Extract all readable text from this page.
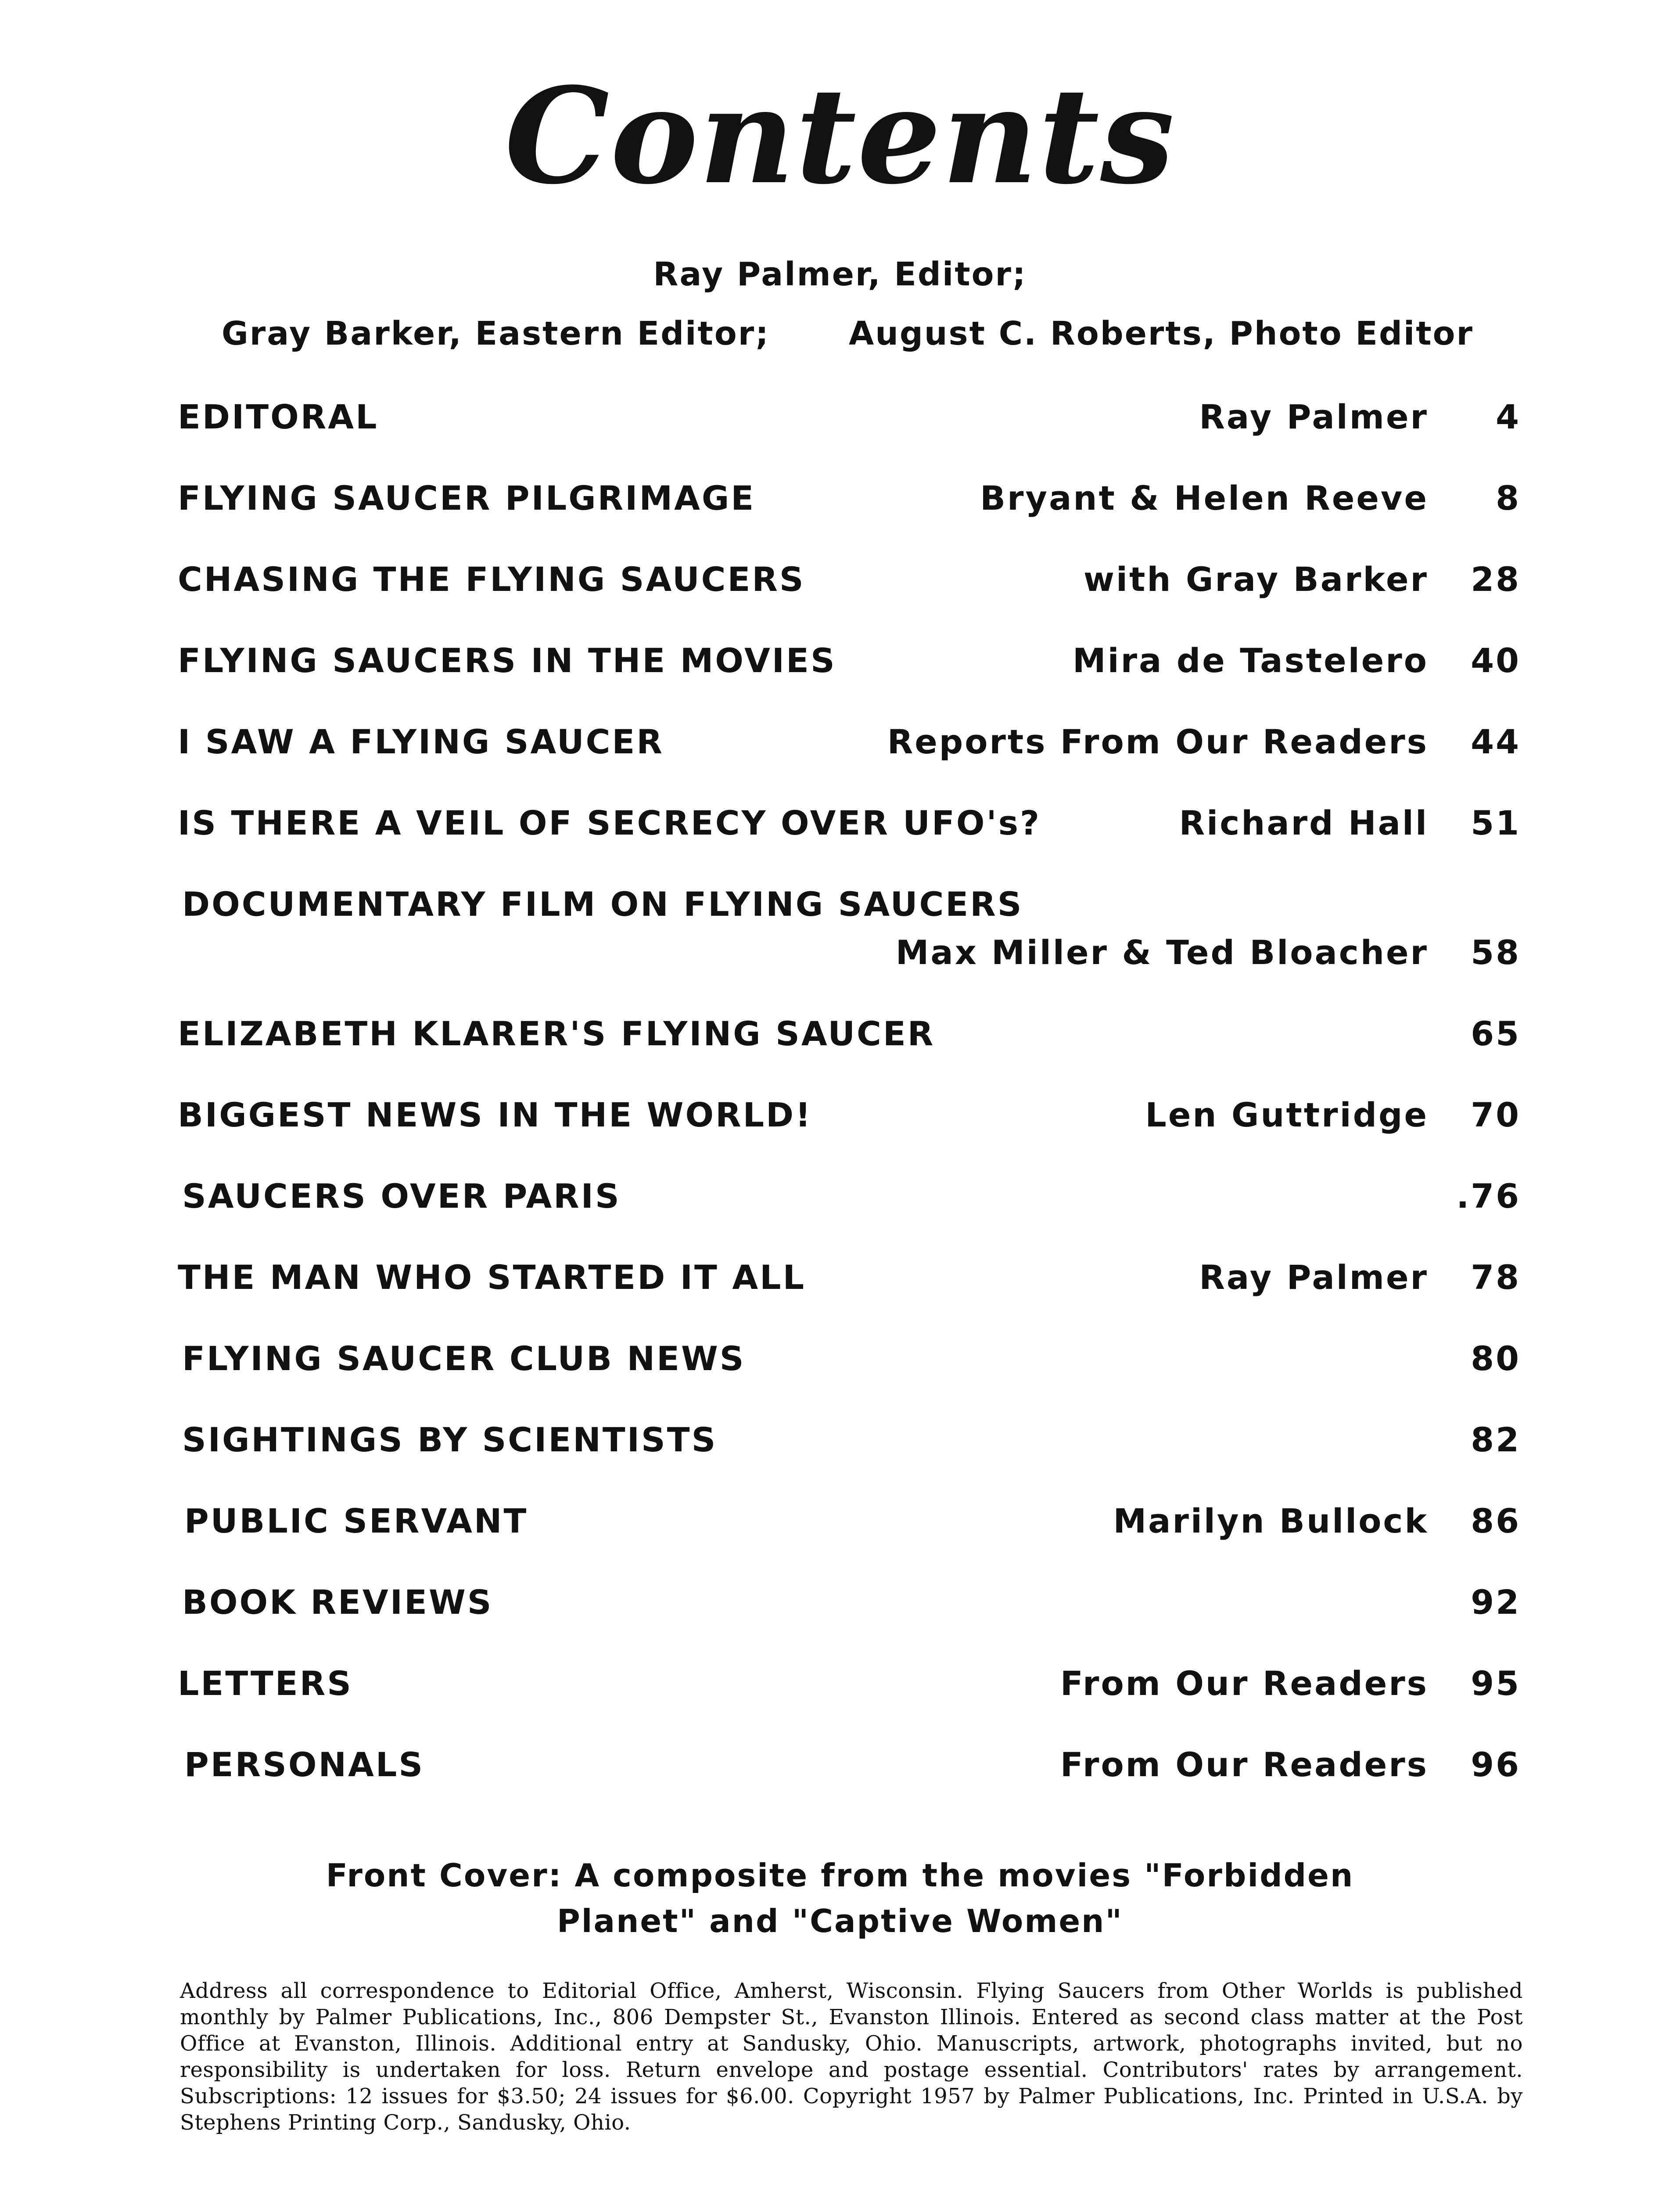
Contents
Ray Palmer, Editor;
Gray Barker, Eastern Editor; August C. Roberts, Photo Editor
EDITORAL	Ray Palmer	4
FLYING SAUCER PILGRIMAGE	Bryant & Helen Reeve	8
CHASING THE FLYING SAUCERS	with Gray Barker	28
FLYING SAUCERS IN THE MOVIES	Mira de Tastelero	40
I SAW A FLYING SAUCER	Reports From Our Readers	44
IS THERE A VEIL OF SECRECY OVER UFO's?	Richard Hall	51
DOCUMENTARY FILM ON FLYING SAUCERS
Max Miller & Ted Bloacher	58
ELIZABETH KLARER'S FLYING SAUCER	65
BIGGEST NEWS IN THE WORLD!	Len Guttridge	70
SAUCERS OVER PARIS	.76
THE MAN WHO STARTED IT ALL	Ray Palmer	78
FLYING SAUCER CLUB NEWS	80
SIGHTINGS BY SCIENTISTS	82
PUBLIC SERVANT	Marilyn Bullock	86
BOOK REVIEWS	92
LETTERS	From Our Readers	95
PERSONALS	From Our Readers	96
Front Cover: A composite from the movies "Forbidden
Planet" and "Captive Women"
Address all correspondence to Editorial Office, Amherst, Wisconsin. Flying Saucers from Other Worlds is published monthly by Palmer Publications, Inc., 806 Dempster St., Evanston Illinois. Entered as second class matter at the Post Office at Evanston, Illinois. Additional entry at Sandusky, Ohio. Manuscripts, artwork, photographs invited, but no responsibility is undertaken for loss. Return envelope and postage essential. Contributors' rates by arrangement. Subscriptions: 12 issues for $3.50; 24 issues for $6.00. Copyright 1957 by Palmer Publications, Inc. Printed in U.S.A. by Stephens Printing Corp., Sandusky, Ohio.
